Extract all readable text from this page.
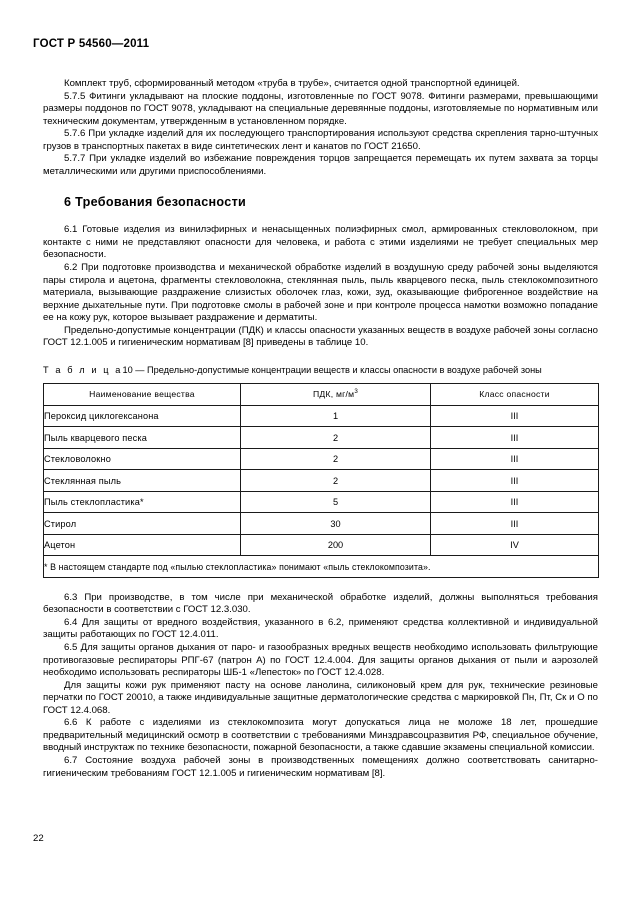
ГОСТ Р 54560—2011

Комплект труб, сформированный методом «труба в трубе», считается одной транспортной единицей.

5.7.5 Фитинги укладывают на плоские поддоны, изготовленные по ГОСТ 9078. Фитинги размерами, превышающими размеры поддонов по ГОСТ 9078, укладывают на специальные деревянные поддоны, изготовляемые по нормативным или техническим документам, утвержденным в установленном порядке.

5.7.6 При укладке изделий для их последующего транспортирования используют средства скрепления тарно-штучных грузов в транспортных пакетах в виде синтетических лент и канатов по ГОСТ 21650.

5.7.7 При укладке изделий во избежание повреждения торцов запрещается перемещать их путем захвата за торцы металлическими или другими приспособлениями.

6 Требования безопасности

6.1 Готовые изделия из винилэфирных и ненасыщенных полиэфирных смол, армированных стекловолокном, при контакте с ними не представляют опасности для человека, и работа с этими изделиями не требует специальных мер безопасности.

6.2 При подготовке производства и механической обработке изделий в воздушную среду рабочей зоны выделяются пары стирола и ацетона, фрагменты стекловолокна, стеклянная пыль, пыль кварцевого песка, пыль стеклокомпозитного материала, вызывающие раздражение слизистых оболочек глаз, кожи, зуд, оказывающие фиброгенное воздействие на верхние дыхательные пути. При подготовке смолы в рабочей зоне и при контроле процесса намотки возможно попадание ее на кожу рук, которое вызывает раздражение и дерматиты.

Предельно-допустимые концентрации (ПДК) и классы опасности указанных веществ в воздухе рабочей зоны согласно ГОСТ 12.1.005 и гигиеническим нормативам [8] приведены в таблице 10.

Т а б л и ц а10 — Предельно-допустимые концентрации веществ и классы опасности в воздухе рабочей зоны
Наименование вещества	ПДК, $мг/м^3$	Класс опасности
Пероксид циклогексанона	1	III
Пыль кварцевого песка	2	III
Стекловолокно	2	III
Стеклянная пыль	2	III
Пыль стеклопластика*	5	III
Стирол	30	III
Ацетон	200	IV
* В настоящем стандарте под «пылью стеклопластика» понимают «пыль стеклокомпозита».		

6.3 При производстве, в том числе при механической обработке изделий, должны выполняться требования безопасности в соответствии с ГОСТ 12.3.030.

6.4 Для защиты от вредного воздействия, указанного в 6.2, применяют средства коллективной и индивидуальной защиты работающих по ГОСТ 12.4.011.

6.5 Для защиты органов дыхания от паро- и газообразных вредных веществ необходимо использовать фильтрующие противогазовые респираторы РПГ-67 (патрон А) по ГОСТ 12.4.004. Для защиты органов дыхания от пыли и аэрозолей необходимо использовать респираторы ШБ-1 «Лепесток» по ГОСТ 12.4.028.

Для защиты кожи рук применяют пасту на основе ланолина, силиконовый крем для рук, технические резиновые перчатки по ГОСТ 20010, а также индивидуальные защитные дерматологические средства с маркировкой Пн, Пт, Ск и О по ГОСТ 12.4.068.

6.6 К работе с изделиями из стеклокомпозита могут допускаться лица не моложе 18 лет, прошедшие предварительный медицинский осмотр в соответствии с требованиями Минздравсоцразвития РФ, специальное обучение, вводный инструктаж по технике безопасности, пожарной безопасности, а также сдавшие экзамены специальной комиссии.

6.7 Состояние воздуха рабочей зоны в производственных помещениях должно соответствовать санитарно-гигиеническим требованиям ГОСТ 12.1.005 и гигиеническим нормативам [8].

22
